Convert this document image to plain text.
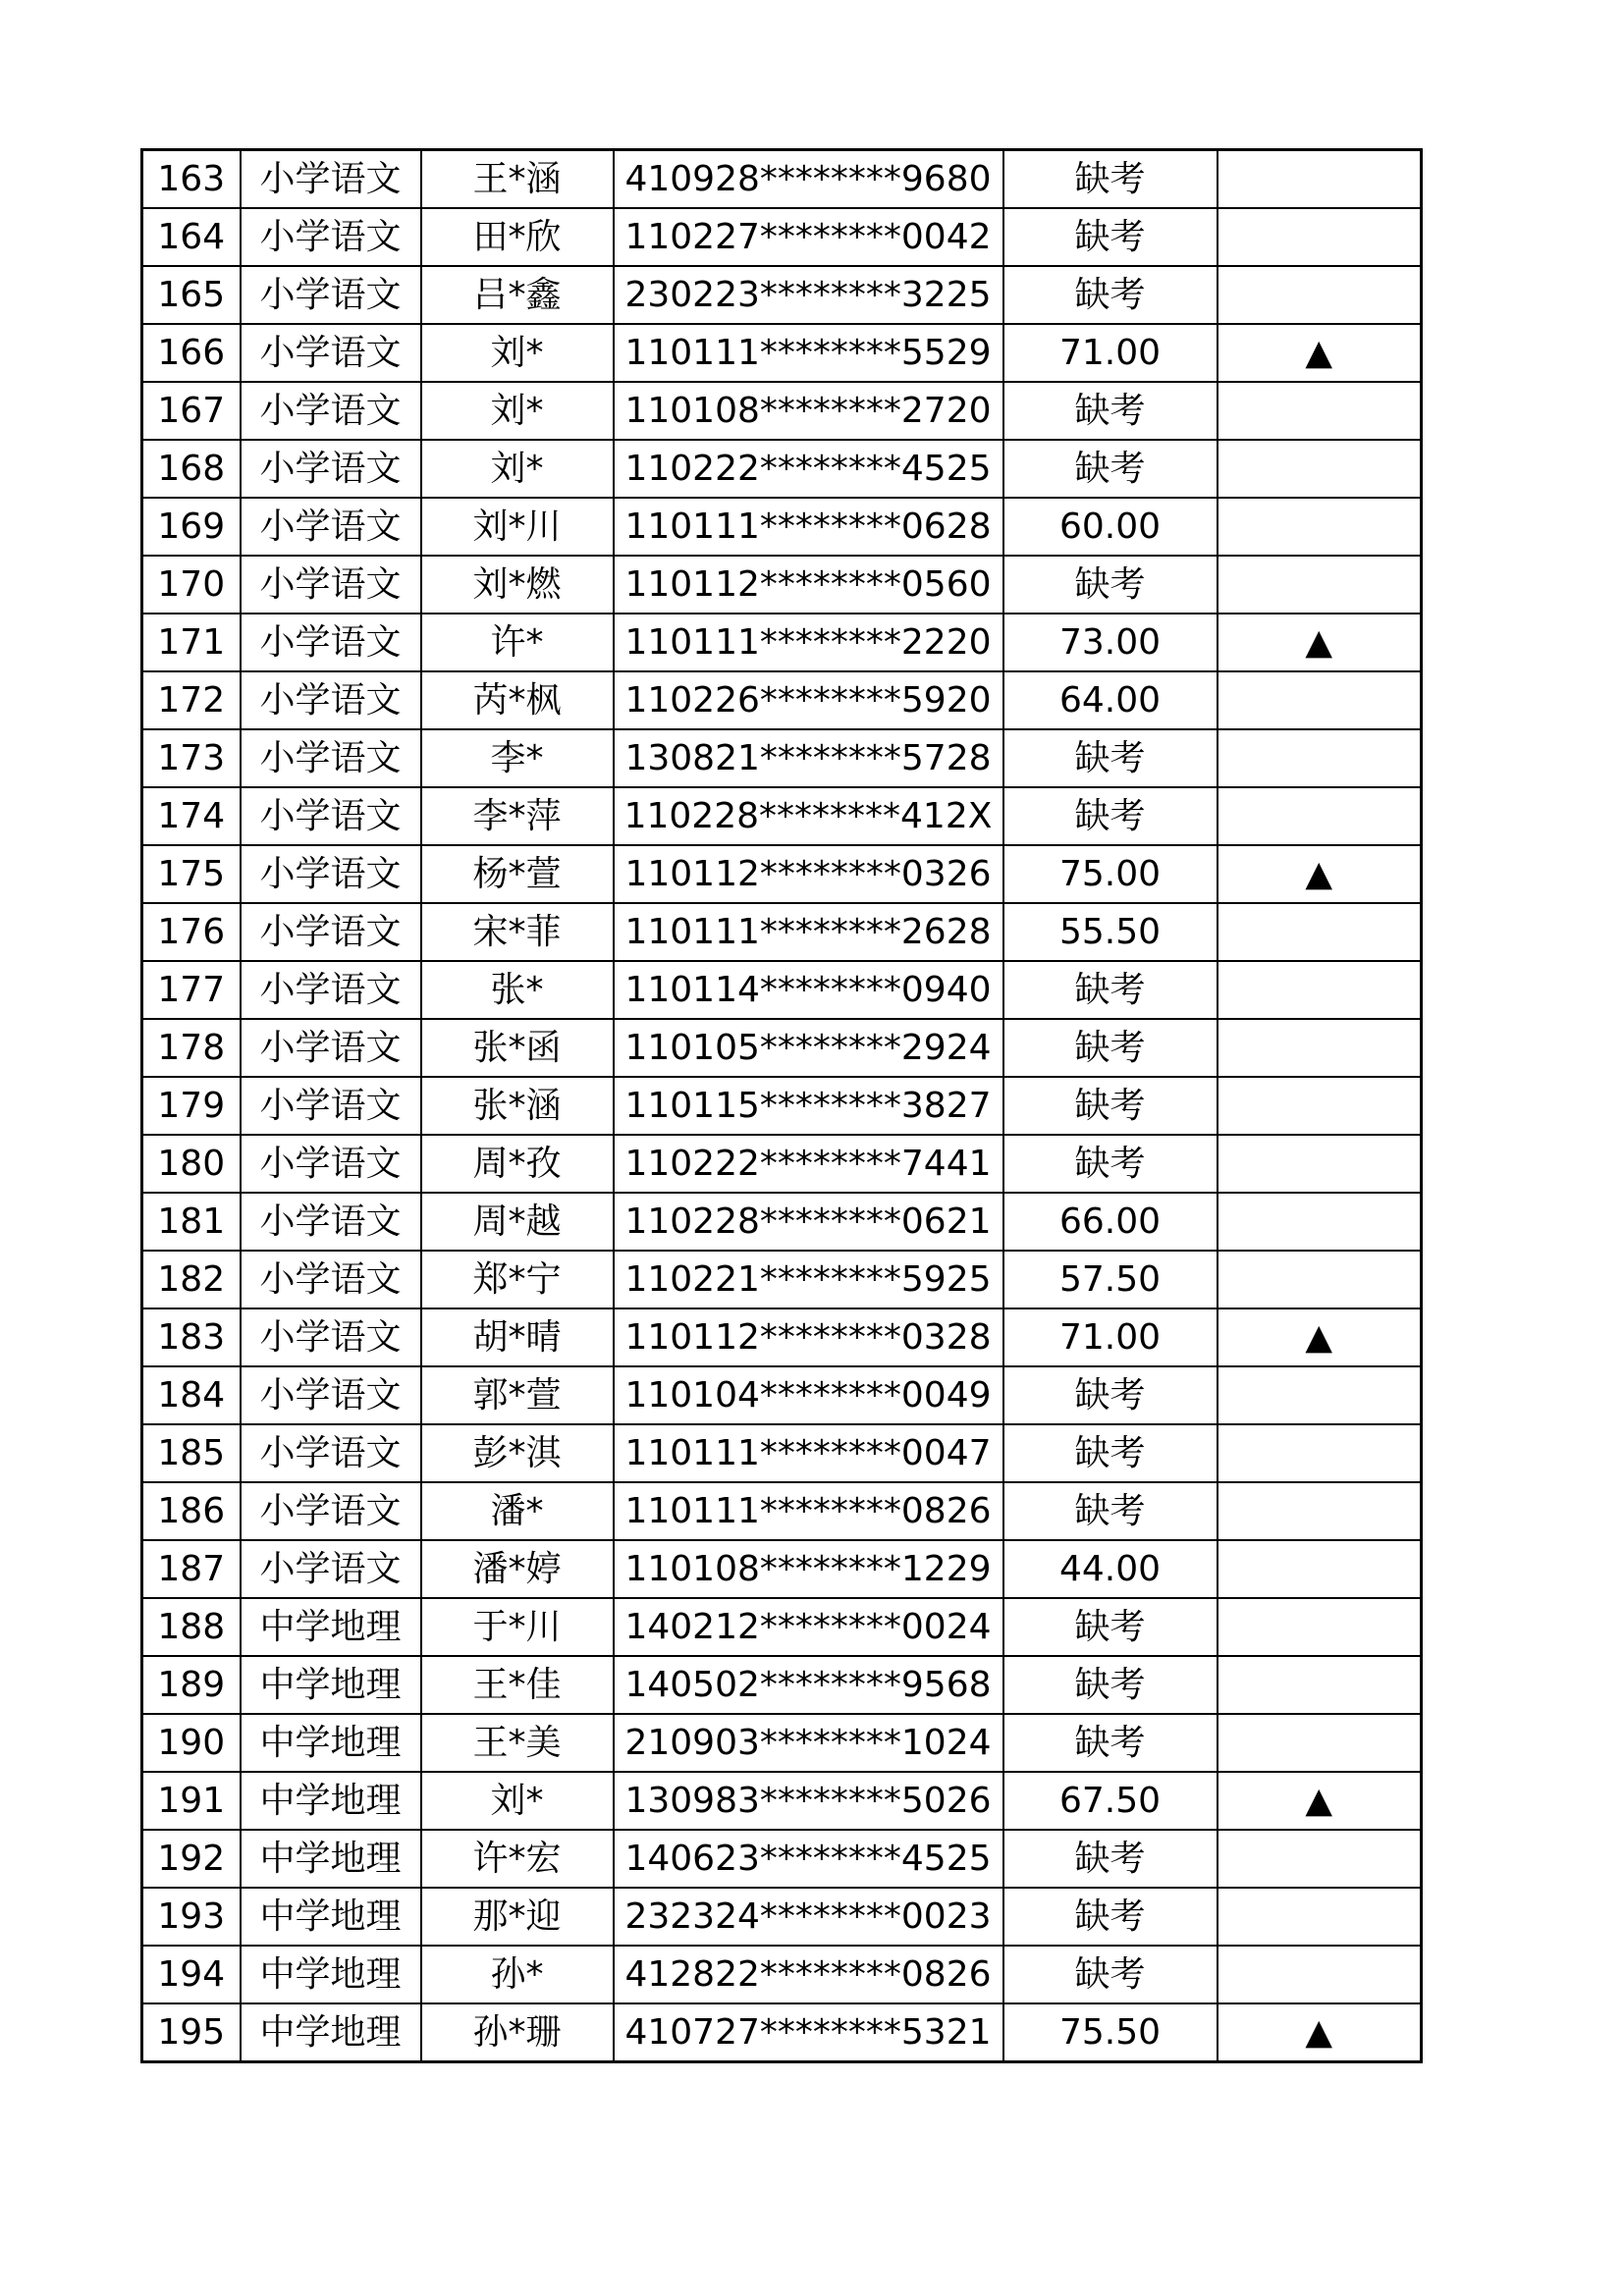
163	小学语文	王*涵	410928********9680	缺考	
164	小学语文	田*欣	110227********0042	缺考	
165	小学语文	吕*鑫	230223********3225	缺考	
166	小学语文	刘*	110111********5529	71.00	▲
167	小学语文	刘*	110108********2720	缺考	
168	小学语文	刘*	110222********4525	缺考	
169	小学语文	刘*川	110111********0628	60.00	
170	小学语文	刘*燃	110112********0560	缺考	
171	小学语文	许*	110111********2220	73.00	▲
172	小学语文	芮*枫	110226********5920	64.00	
173	小学语文	李*	130821********5728	缺考	
174	小学语文	李*萍	110228********412X	缺考	
175	小学语文	杨*萱	110112********0326	75.00	▲
176	小学语文	宋*菲	110111********2628	55.50	
177	小学语文	张*	110114********0940	缺考	
178	小学语文	张*函	110105********2924	缺考	
179	小学语文	张*涵	110115********3827	缺考	
180	小学语文	周*孜	110222********7441	缺考	
181	小学语文	周*越	110228********0621	66.00	
182	小学语文	郑*宁	110221********5925	57.50	
183	小学语文	胡*晴	110112********0328	71.00	▲
184	小学语文	郭*萱	110104********0049	缺考	
185	小学语文	彭*淇	110111********0047	缺考	
186	小学语文	潘*	110111********0826	缺考	
187	小学语文	潘*婷	110108********1229	44.00	
188	中学地理	于*川	140212********0024	缺考	
189	中学地理	王*佳	140502********9568	缺考	
190	中学地理	王*美	210903********1024	缺考	
191	中学地理	刘*	130983********5026	67.50	▲
192	中学地理	许*宏	140623********4525	缺考	
193	中学地理	那*迎	232324********0023	缺考	
194	中学地理	孙*	412822********0826	缺考	
195	中学地理	孙*珊	410727********5321	75.50	▲
